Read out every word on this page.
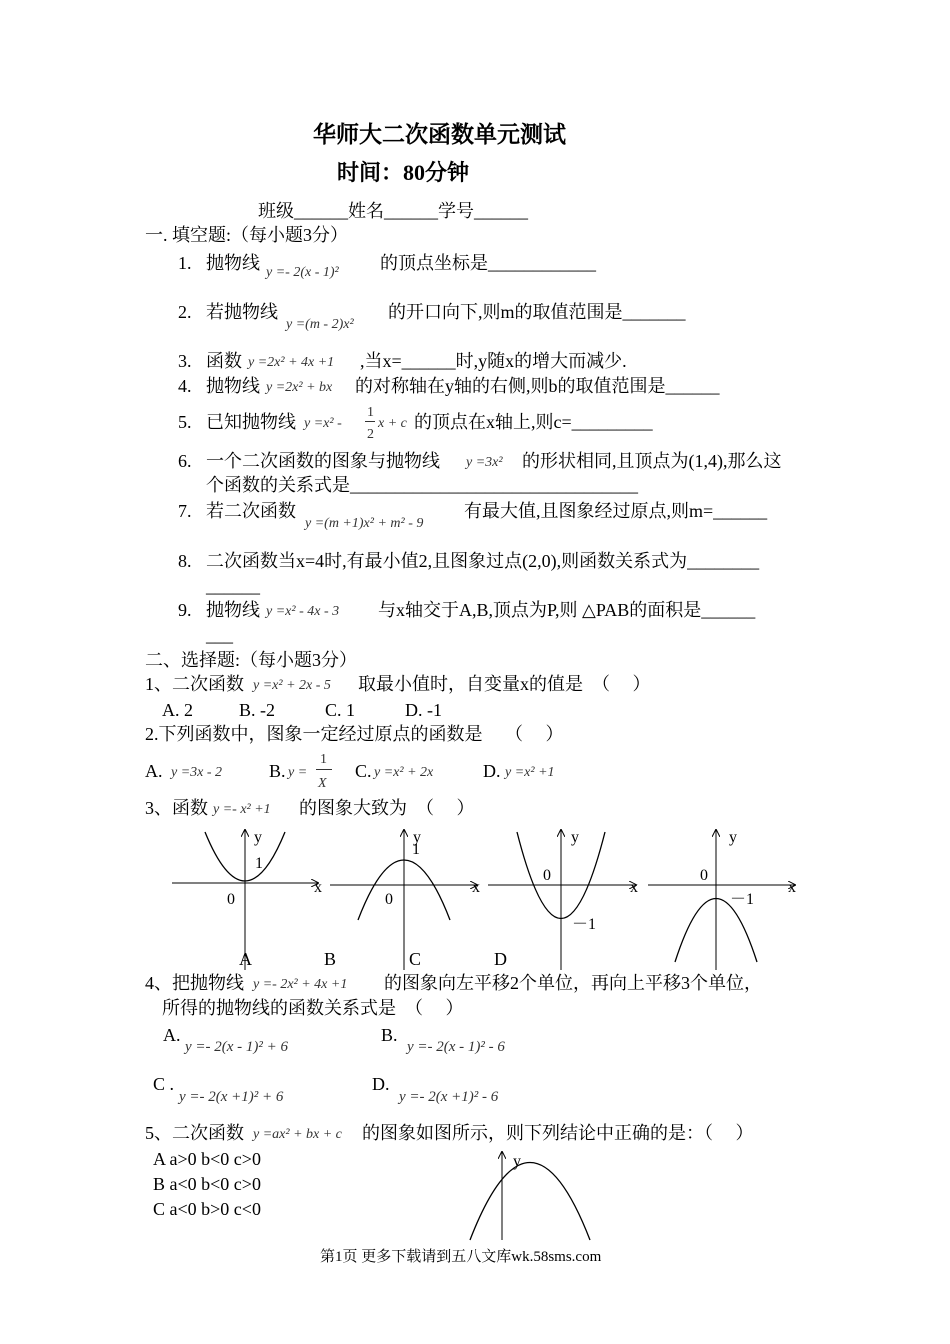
华师大二次函数单元测试
时间：80分钟
班级______姓名______学号______
一. 填空题:（每小题3分）
1. 抛物线 y =- 2(x - 1)² 的顶点坐标是____________
2. 若抛物线
y =(m - 2)x²
的开口向下,则m的取值范围是_______
3. 函数 y =2x² + 4x +1 ,当x=______时,y随x的增大而减少.
4. 抛物线 y =2x² + bx 的对称轴在y轴的右侧,则b的取值范围是______
5. 已知抛物线 y =x² -
1
2
x + c 的顶点在x轴上,则c=_________
6. 一个二次函数的图象与抛物线 y =3x² 的形状相同,且顶点为(1,4),那么这
个函数的关系式是________________________________
7. 若二次函数
y =(m +1)x² + m² - 9
有最大值,且图象经过原点,则m=______
8. 二次函数当x=4时,有最小值2,且图象过点(2,0),则函数关系式为________
______
9. 抛物线 y =x² - 4x - 3 与x轴交于A,B,顶点为P,则 △PAB的面积是______
___
二、选择题:（每小题3分）
1、二次函数 y =x² + 2x - 5 取最小值时，自变量x的值是　（　 ）
A. 2	B. -2	C. 1	D. -1
2.下列函数中，图象一定经过原点的函数是　 （　 ）
A. y =3x - 2	B. y =
1
X
C. y =x² + 2x	D. y =x² +1
3、函数 y =- x² +1 的图象大致为　（　 ）
y
x
1
0
y
1
x
0
y
0
x
－1
y
0
－1
x
y
A	B	C	D
4、把抛物线 y =- 2x² + 4x +1 的图象向左平移2个单位，再向上平移3个单位，
所得的抛物线的函数关系式是　（　 ）
A.
y =- 2(x - 1)² + 6
B.
y =- 2(x - 1)² - 6
C .
y =- 2(x +1)² + 6
D.
y =- 2(x +1)² - 6
5、二次函数 y =ax² + bx + c 的图象如图所示，则下列结论中正确的是：（　 ）
A a>0 b<0 c>0
B a<0 b<0 c>0
C a<0 b>0 c<0
第1页 更多下载请到五八文库wk.58sms.com
